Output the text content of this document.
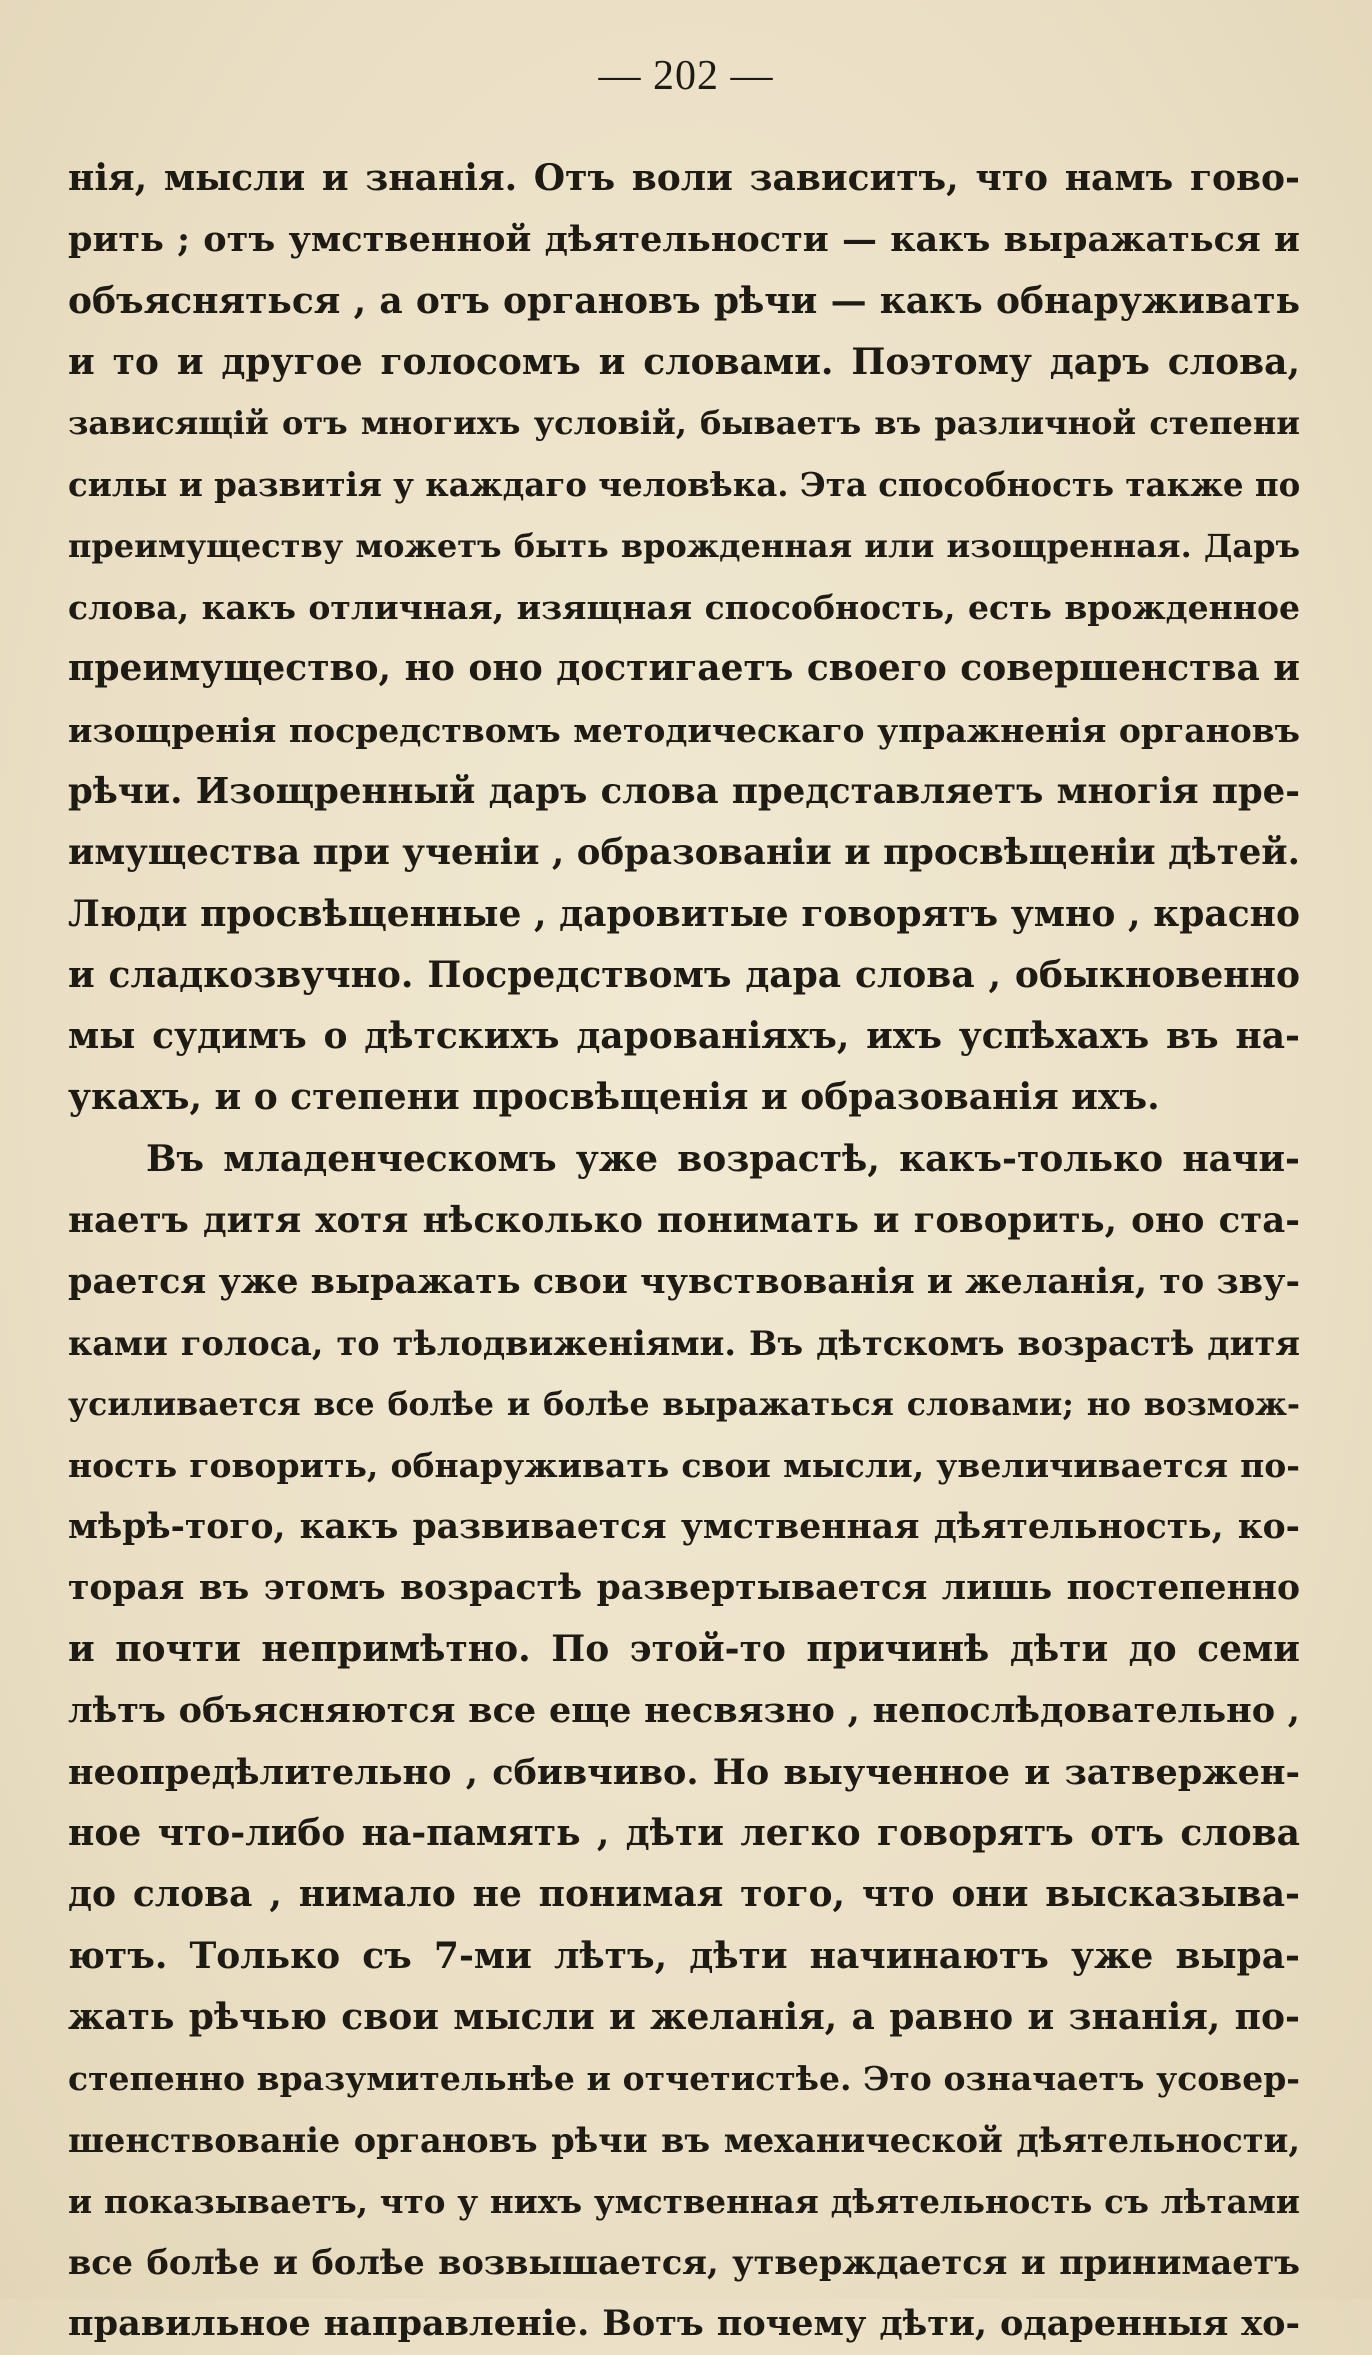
— 202 —
нія, мысли и знанія. Отъ воли зависитъ, что намъ гово-
рить ; отъ умственной дѣятельности — какъ выражаться и
объясняться , а отъ органовъ рѣчи — какъ обнаруживать
и то и другое голосомъ и словами. Поэтому даръ слова,
зависящій отъ многихъ условій, бываетъ въ различной степени
силы и развитія у каждаго человѣка. Эта способность также по
преимуществу можетъ быть врожденная или изощренная. Даръ
слова, какъ отличная, изящная способность, есть врожденное
преимущество, но оно достигаетъ своего совершенства и
изощренія посредствомъ методическаго упражненія органовъ
рѣчи. Изощренный даръ слова представляетъ многія пре-
имущества при ученіи , образованіи и просвѣщеніи дѣтей.
Люди просвѣщенные , даровитые говорятъ умно , красно
и сладкозвучно. Посредствомъ дара слова , обыкновенно
мы судимъ о дѣтскихъ дарованіяхъ, ихъ успѣхахъ въ на-
укахъ, и о степени просвѣщенія и образованія ихъ.
Въ младенческомъ уже возрастѣ, какъ-только начи-
наетъ дитя хотя нѣсколько понимать и говорить, оно ста-
рается уже выражать свои чувствованія и желанія, то зву-
ками голоса, то тѣлодвиженіями. Въ дѣтскомъ возрастѣ дитя
усиливается все болѣе и болѣе выражаться словами; но возмож-
ность говорить, обнаруживать свои мысли, увеличивается по-
мѣрѣ-того, какъ развивается умственная дѣятельность, ко-
торая въ этомъ возрастѣ развертывается лишь постепенно
и почти непримѣтно. По этой-то причинѣ дѣти до семи
лѣтъ объясняются все еще несвязно , непослѣдовательно ,
неопредѣлительно , сбивчиво. Но выученное и затвержен-
ное что-либо на-память , дѣти легко говорятъ отъ слова
до слова , нимало не понимая того, что они высказыва-
ютъ. Только съ 7-ми лѣтъ, дѣти начинаютъ уже выра-
жать рѣчью свои мысли и желанія, а равно и знанія, по-
степенно вразумительнѣе и отчетистѣе. Это означаетъ усовер-
шенствованіе органовъ рѣчи въ механической дѣятельности,
и показываетъ, что у нихъ умственная дѣятельность съ лѣтами
все болѣе и болѣе возвышается, утверждается и принимаетъ
правильное направленіе. Вотъ почему дѣти, одаренныя хо-
